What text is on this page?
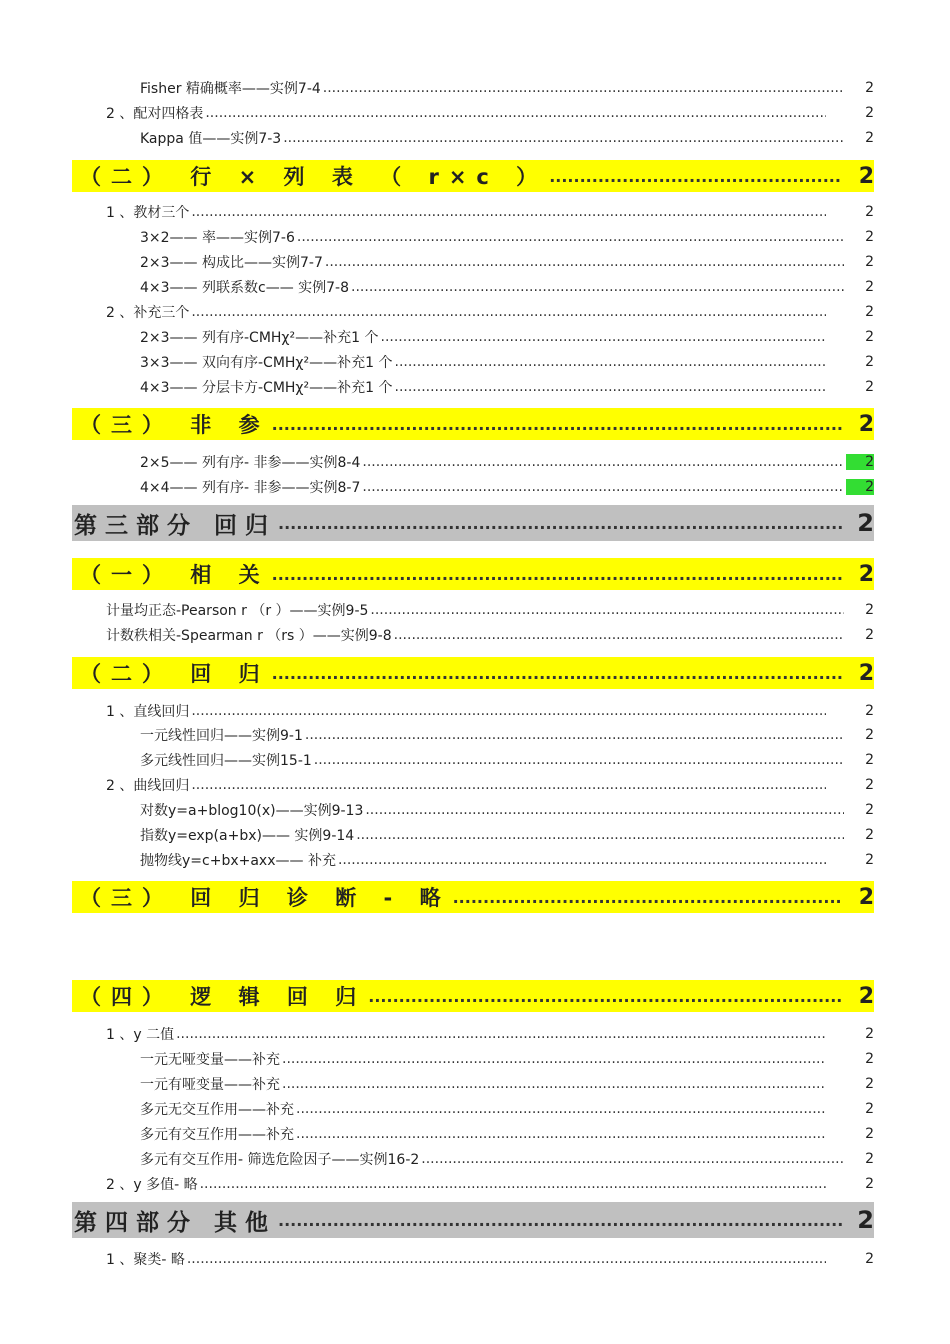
Fisher 精确概率——实例7-4 .....	2
2 、配对四格表 .....	2
Kappa 值——实例7-3 .....	2
（二） 行 × 列 表 （ r×c ） .....	2
1 、教材三个 .....	2
3×2—— 率——实例7-6 .....	2
2×3—— 构成比——实例7-7 .....	2
4×3—— 列联系数c—— 实例7-8 .....	2
2 、补充三个 .....	2
2×3—— 列有序-CMHχ²——补充1 个 .....	2
3×3—— 双向有序-CMHχ²——补充1 个 .....	2
4×3—— 分层卡方-CMHχ²——补充1 个 .....	2
（三） 非 参 .....	2
2×5—— 列有序- 非参——实例8-4 .....	2
4×4—— 列有序- 非参——实例8-7 .....	2
第三部分 回归 .....	2
（一） 相 关 .....	2
计量均正态-Pearson r （r ）——实例9-5 .....	2
计数秩相关-Spearman r （rs ）——实例9-8 .....	2
（二） 回 归 .....	2
1 、直线回归 .....	2
一元线性回归——实例9-1 .....	2
多元线性回归——实例15-1 .....	2
2 、曲线回归 .....	2
对数y=a+blog10(x)——实例9-13 .....	2
指数y=exp(a+bx)—— 实例9-14 .....	2
抛物线y=c+bx+axx—— 补充 .....	2
（三） 回 归 诊 断 - 略 .....	2
（四） 逻 辑 回 归 .....	2
1 、y 二值 .....	2
一元无哑变量——补充 .....	2
一元有哑变量——补充 .....	2
多元无交互作用——补充 .....	2
多元有交互作用——补充 .....	2
多元有交互作用- 筛选危险因子——实例16-2 .....	2
2 、y 多值- 略 .....	2
第四部分 其他 .....	2
1 、聚类- 略 .....	2
